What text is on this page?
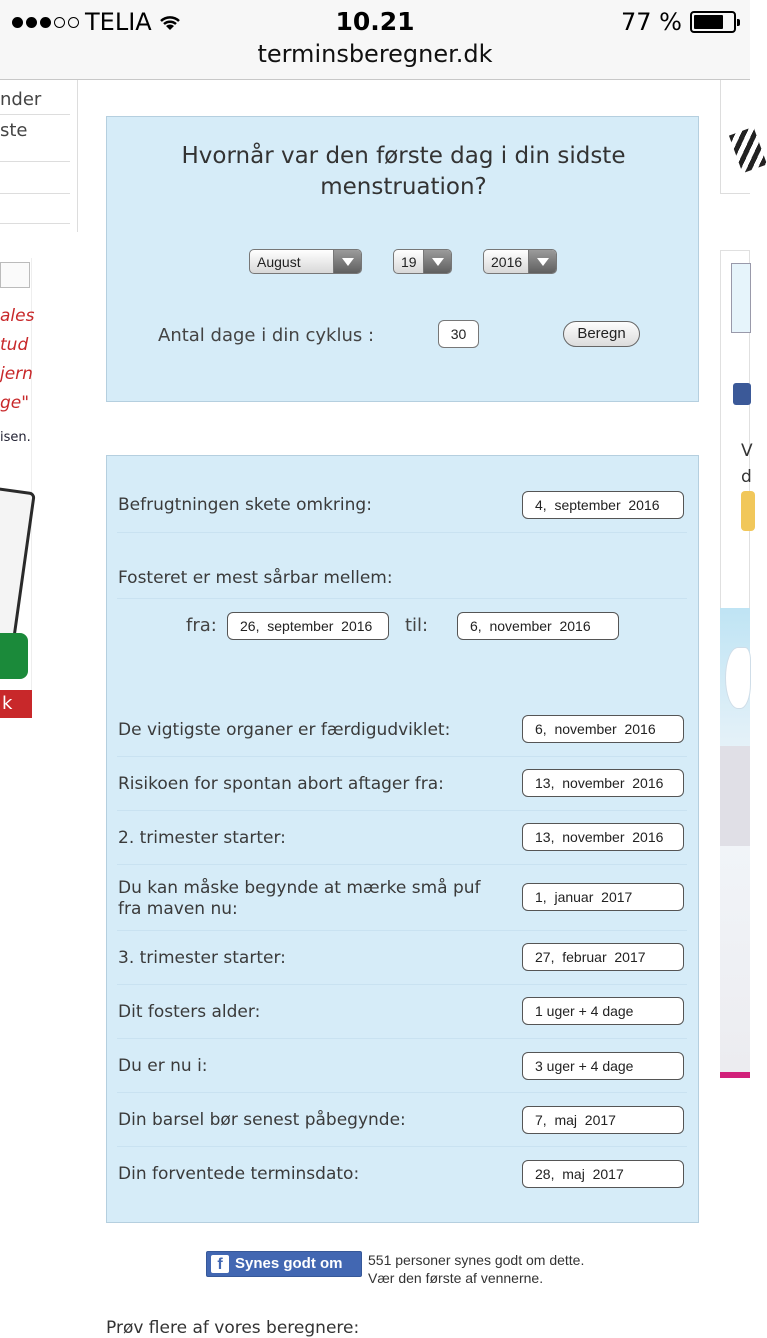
TELIA	10.21	77 %
terminsberegner.dk
nder
ste
ales
tud
jern
ge"
isen.
k
V
d
Hvornår var den første dag i din sidste menstruation?
August	19	2016
Antal dage i din cyklus :	30	Beregn
Befrugtningen skete omkring:	4,  september  2016
Fosteret er mest sårbar mellem:
fra:	26,  september  2016	til:	6,  november  2016
De vigtigste organer er færdigudviklet:	6,  november  2016
Risikoen for spontan abort aftager fra:	13,  november  2016
2. trimester starter:	13,  november  2016
Du kan måske begynde at mærke små puf fra maven nu:
1,  januar  2017
3. trimester starter:	27,  februar  2017
Dit fosters alder:	1 uger + 4 dage
Du er nu i:	3 uger + 4 dage
Din barsel bør senest påbegynde:	7,  maj  2017
Din forventede terminsdato:	28,  maj  2017
f Synes godt om	551 personer synes godt om dette. Vær den første af vennerne.
Prøv flere af vores beregnere:
